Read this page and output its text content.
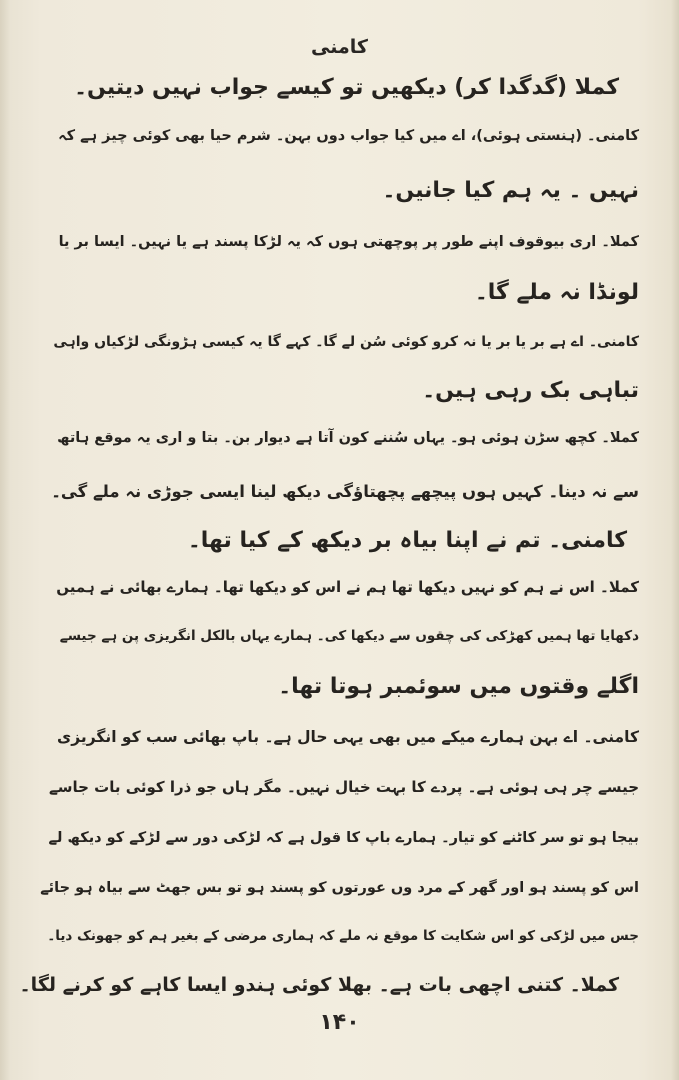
کامنی
کملا (گدگدا کر) دیکھیں تو کیسے جواب نہیں دیتیں۔
کامنی۔ (ہنستی ہوئی)، اے میں کیا جواب دوں بہن۔ شرم حیا بھی کوئی چیز ہے کہ
نہیں ۔ یہ ہم کیا جانیں۔
کملا۔ اری بیوقوف اپنے طور پر پوچھتی ہوں کہ یہ لڑکا پسند ہے یا نہیں۔ ایسا بر یا
لونڈا نہ ملے گا۔
کامنی۔ اے ہے بر یا بر یا نہ کرو کوئی سُن لے گا۔ کہے گا یہ کیسی ہڑونگی لڑکیاں واہی
تباہی بک رہی ہیں۔
کملا۔ کچھ سڑن ہوئی ہو۔ یہاں سُننے کون آتا ہے دیوار بن۔ بتا و اری یہ موقع ہاتھ
سے نہ دینا۔ کہیں ہوں پیچھے پچھتاؤگی دیکھ لینا ایسی جوڑی نہ ملے گی۔
کامنی۔ تم نے اپنا بیاہ بر دیکھ کے کیا تھا۔
کملا۔ اس نے ہم کو نہیں دیکھا تھا ہم نے اس کو دیکھا تھا۔ ہمارے بھائی نے ہمیں
دکھایا تھا ہمیں کھڑکی کی چقوں سے دیکھا کی۔ ہمارے یہاں بالکل انگریزی پن ہے جیسے
اگلے وقتوں میں سوئمبر ہوتا تھا۔
کامنی۔ اے بہن ہمارے میکے میں بھی یہی حال ہے۔ باپ بھائی سب کو انگریزی
جیسے چر ہی ہوئی ہے۔ پردے کا بہت خیال نہیں۔ مگر ہاں جو ذرا کوئی بات جاسے
بیجا ہو تو سر کاٹنے کو تیار۔ ہمارے باپ کا قول ہے کہ لڑکی دور سے لڑکے کو دیکھ لے
اس کو پسند ہو اور گھر کے مرد وں عورتوں کو پسند ہو تو بس جھٹ سے بیاہ ہو جائے
جس میں لڑکی کو اس شکایت کا موقع نہ ملے کہ ہماری مرضی کے بغیر ہم کو جھونک دیا۔
کملا۔ کتنی اچھی بات ہے۔ بھلا کوئی ہندو ایسا کاہے کو کرنے لگا۔
۱۴۰
